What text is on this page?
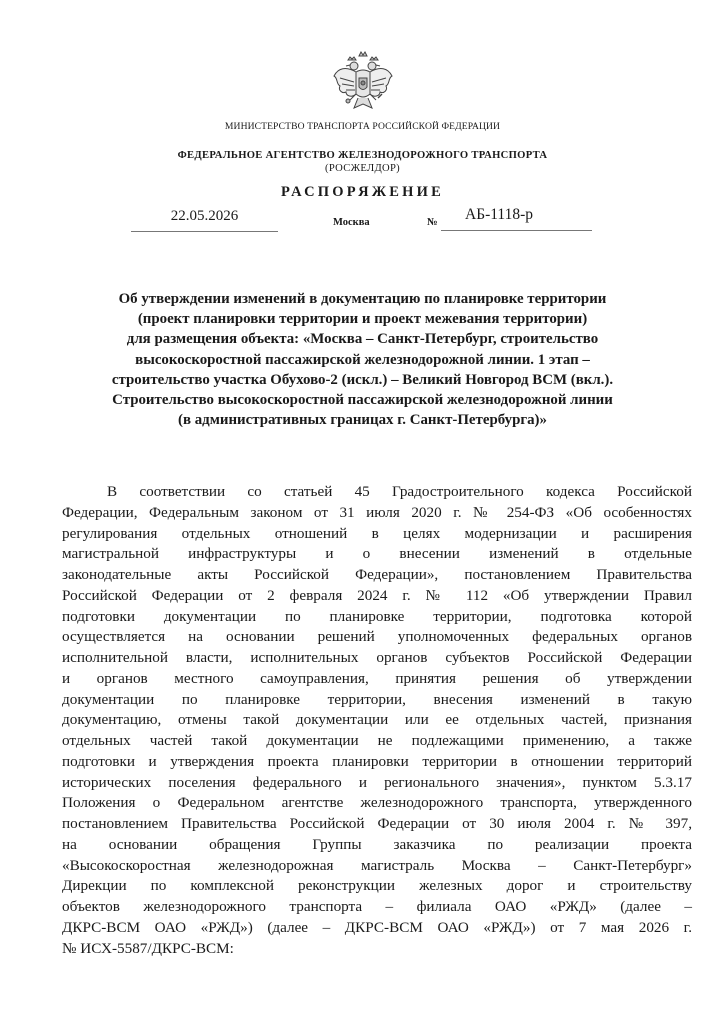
МИНИСТЕРСТВО ТРАНСПОРТА РОССИЙСКОЙ ФЕДЕРАЦИИ
ФЕДЕРАЛЬНОЕ АГЕНТСТВО ЖЕЛЕЗНОДОРОЖНОГО ТРАНСПОРТА
(РОСЖЕЛДОР)
РАСПОРЯЖЕНИЕ
22.05.2026	Москва	№	АБ-1118-р
Об утверждении изменений в документацию по планировке территории
(проект планировки территории и проект межевания территории)
для размещения объекта: «Москва – Санкт-Петербург, строительство
высокоскоростной пассажирской железнодорожной линии. 1 этап –
строительство участка Обухово-2 (искл.) – Великий Новгород ВСМ (вкл.).
Строительство высокоскоростной пассажирской железнодорожной линии
(в административных границах г. Санкт-Петербурга)»
В соответствии со статьей 45 Градостроительного кодекса Российской
Федерации, Федеральным законом от 31 июля 2020 г. № 254-ФЗ «Об особенностях
регулирования отдельных отношений в целях модернизации и расширения
магистральной инфраструктуры и о внесении изменений в отдельные
законодательные акты Российской Федерации», постановлением Правительства
Российской Федерации от 2 февраля 2024 г. № 112 «Об утверждении Правил
подготовки документации по планировке территории, подготовка которой
осуществляется на основании решений уполномоченных федеральных органов
исполнительной власти, исполнительных органов субъектов Российской Федерации
и органов местного самоуправления, принятия решения об утверждении
документации по планировке территории, внесения изменений в такую
документацию, отмены такой документации или ее отдельных частей, признания
отдельных частей такой документации не подлежащими применению, а также
подготовки и утверждения проекта планировки территории в отношении территорий
исторических поселения федерального и регионального значения», пунктом 5.3.17
Положения о Федеральном агентстве железнодорожного транспорта, утвержденного
постановлением Правительства Российской Федерации от 30 июля 2004 г. № 397,
на основании обращения Группы заказчика по реализации проекта
«Высокоскоростная железнодорожная магистраль Москва – Санкт-Петербург»
Дирекции по комплексной реконструкции железных дорог и строительству
объектов железнодорожного транспорта – филиала ОАО «РЖД» (далее –
ДКРС-ВСМ ОАО «РЖД») (далее – ДКРС-ВСМ ОАО «РЖД») от 7 мая 2026 г.
№ ИСХ-5587/ДКРС-ВСМ:
